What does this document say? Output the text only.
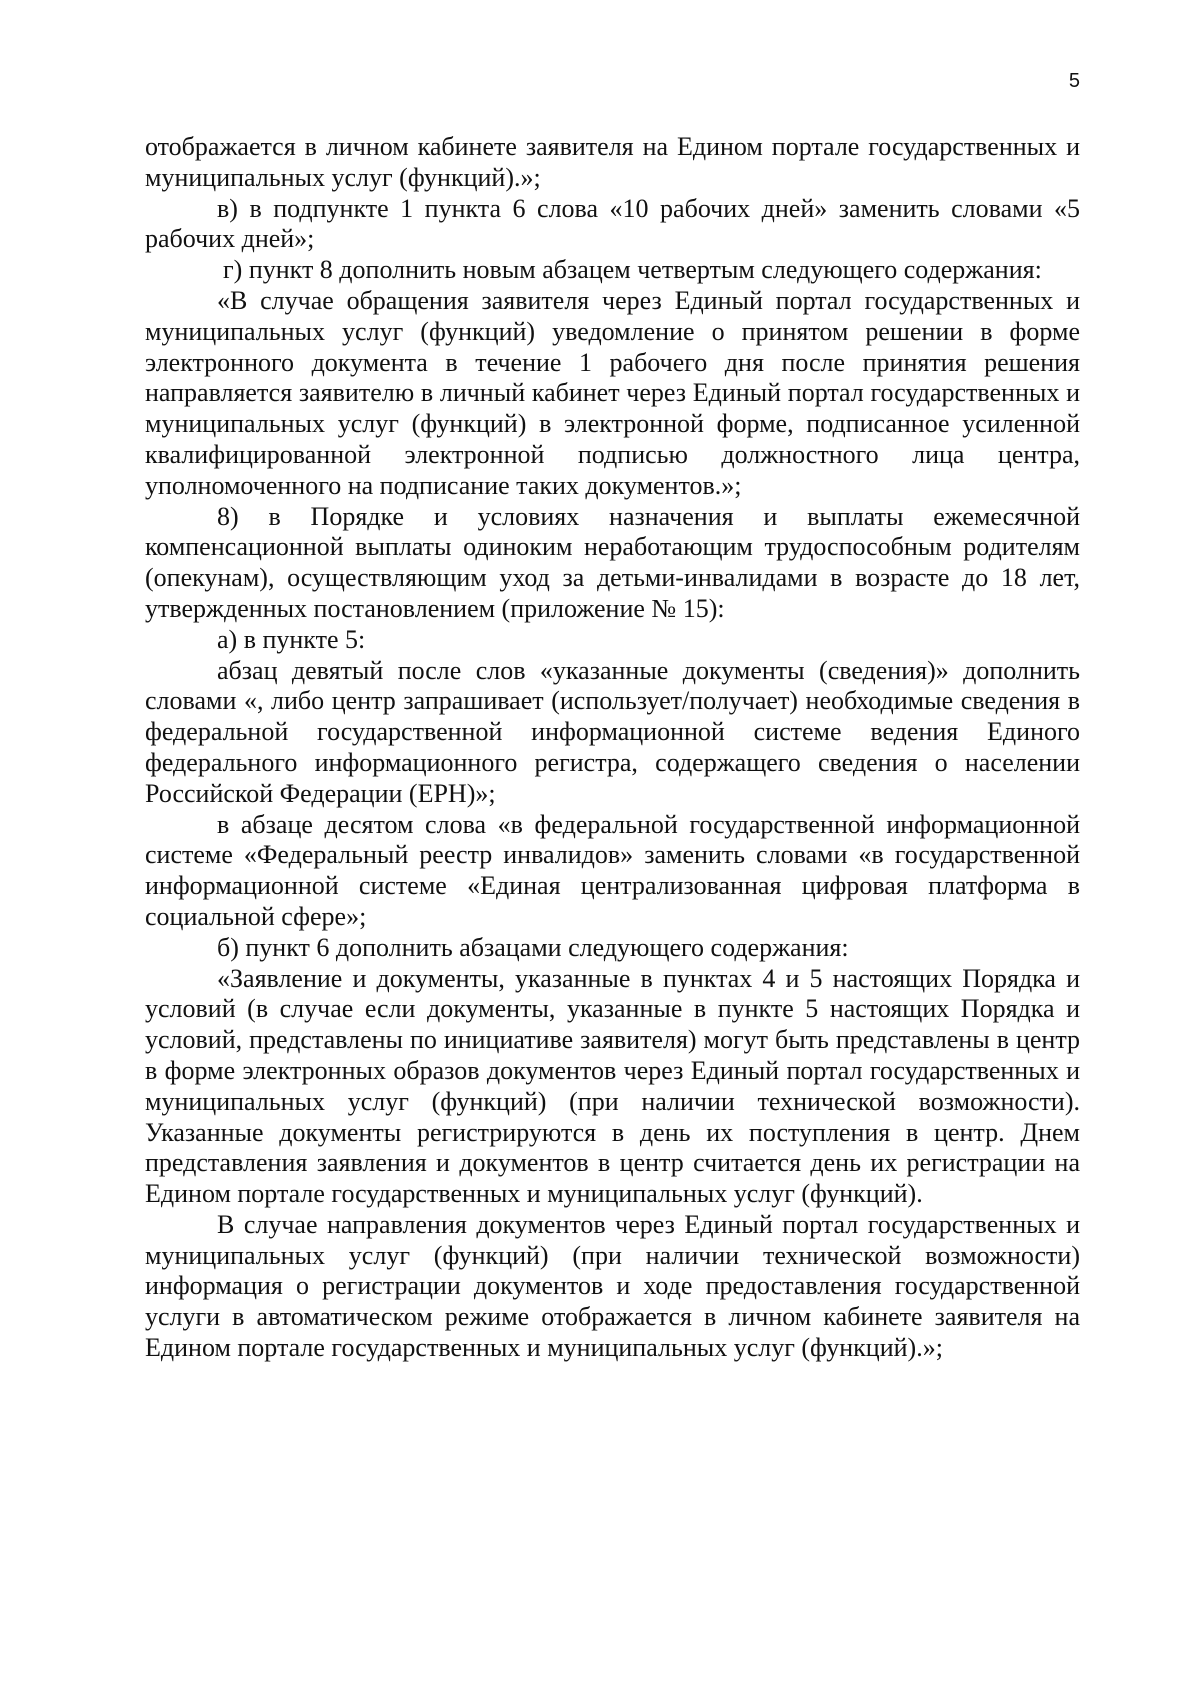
5

отображается в личном кабинете заявителя на Едином портале государственных и муниципальных услуг (функций).»;

в) в подпункте 1 пункта 6 слова «10 рабочих дней» заменить словами «5 рабочих дней»;

г) пункт 8 дополнить новым абзацем четвертым следующего содержания:

«В случае обращения заявителя через Единый портал государственных и муниципальных услуг (функций) уведомление о принятом решении в форме электронного документа в течение 1 рабочего дня после принятия решения направляется заявителю в личный кабинет через Единый портал государственных и муниципальных услуг (функций) в электронной форме, подписанное усиленной квалифицированной электронной подписью должностного лица центра, уполномоченного на подписание таких документов.»;

8) в Порядке и условиях назначения и выплаты ежемесячной компенсационной выплаты одиноким неработающим трудоспособным родителям (опекунам), осуществляющим уход за детьми-инвалидами в возрасте до 18 лет, утвержденных постановлением (приложение № 15):

а) в пункте 5:

абзац девятый после слов «указанные документы (сведения)» дополнить словами «, либо центр запрашивает (использует/получает) необходимые сведения в федеральной государственной информационной системе ведения Единого федерального информационного регистра, содержащего сведения о населении Российской Федерации (ЕРН)»;

в абзаце десятом слова «в федеральной государственной информационной системе «Федеральный реестр инвалидов» заменить словами «в государственной информационной системе «Единая централизованная цифровая платформа в социальной сфере»;

б) пункт 6 дополнить абзацами следующего содержания:

«Заявление и документы, указанные в пунктах 4 и 5 настоящих Порядка и условий (в случае если документы, указанные в пункте 5 настоящих Порядка и условий, представлены по инициативе заявителя) могут быть представлены в центр в форме электронных образов документов через Единый портал государственных и муниципальных услуг (функций) (при наличии технической возможности). Указанные документы регистрируются в день их поступления в центр. Днем представления заявления и документов в центр считается день их регистрации на Едином портале государственных и муниципальных услуг (функций).

В случае направления документов через Единый портал государственных и муниципальных услуг (функций) (при наличии технической возможности) информация о регистрации документов и ходе предоставления государственной услуги в автоматическом режиме отображается в личном кабинете заявителя на Едином портале государственных и муниципальных услуг (функций).»;
